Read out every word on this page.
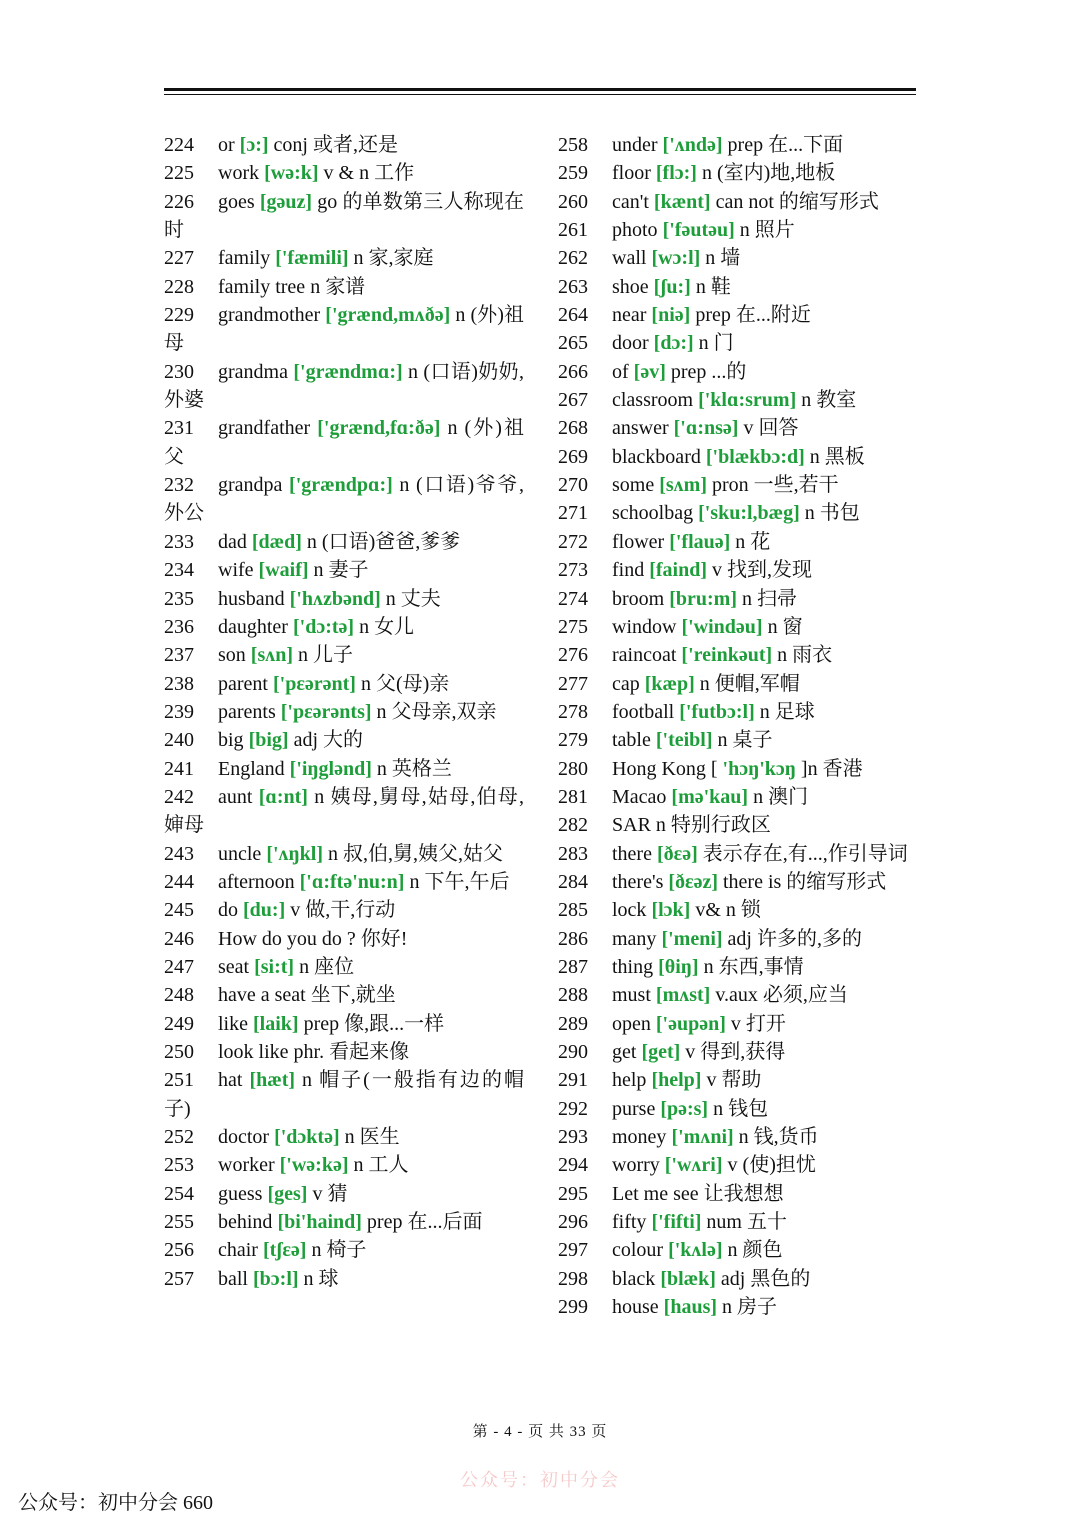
224 or [ɔ:] conj 或者,还是

225 work [wə:k] v & n 工作

226 goes [gəuz] go 的单数第三人称现在时

227 family ['fæmili] n 家,家庭

228 family tree n 家谱

229 grandmother ['grænd,mʌðə] n (外)祖母

230 grandma ['grændmɑ:] n (口语)奶奶,外婆

231 grandfather ['grænd,fɑ:ðə] n (外)祖父

232 grandpa ['grændpɑ:] n (口语)爷爷,外公

233 dad [dæd] n (口语)爸爸,爹爹

234 wife [waif] n 妻子

235 husband ['hʌzbənd] n 丈夫

236 daughter ['dɔ:tə] n 女儿

237 son [sʌn] n 儿子

238 parent ['pεərənt] n 父(母)亲

239 parents ['pεərənts] n 父母亲,双亲

240 big [big] adj 大的

241 England ['iŋglənd] n 英格兰

242 aunt [ɑ:nt] n 姨母,舅母,姑母,伯母,婶母

243 uncle ['ʌŋkl] n 叔,伯,舅,姨父,姑父

244 afternoon ['ɑ:ftə'nu:n] n 下午,午后

245 do [du:] v 做,干,行动

246 How do you do ? 你好!

247 seat [si:t] n 座位

248 have a seat 坐下,就坐

249 like [laik] prep 像,跟...一样

250 look like phr. 看起来像

251 hat [hæt] n 帽子(一般指有边的帽子)

252 doctor ['dɔktə] n 医生

253 worker ['wə:kə] n 工人

254 guess [ges] v 猜

255 behind [bi'haind] prep 在...后面

256 chair [tʃεə] n 椅子

257 ball [bɔ:l] n 球

258 under ['ʌndə] prep 在...下面

259 floor [flɔ:] n (室内)地,地板

260 can't [kænt] can not 的缩写形式

261 photo ['fəutəu] n 照片

262 wall [wɔ:l] n 墙

263 shoe [ʃu:] n 鞋

264 near [niə] prep 在...附近

265 door [dɔ:] n 门

266 of [əv] prep ...的

267 classroom ['klɑ:srum] n 教室

268 answer ['ɑ:nsə] v 回答

269 blackboard ['blækbɔ:d] n 黑板

270 some [sʌm] pron 一些,若干

271 schoolbag ['sku:l,bæg] n 书包

272 flower ['flauə] n 花

273 find [faind] v 找到,发现

274 broom [bru:m] n 扫帚

275 window ['windəu] n 窗

276 raincoat ['reinkəut] n 雨衣

277 cap [kæp] n 便帽,军帽

278 football ['futbɔ:l] n 足球

279 table ['teibl] n 桌子

280 Hong Kong [ 'hɔŋ'kɔŋ ]n 香港

281 Macao [mə'kau] n 澳门

282 SAR n 特别行政区

283 there [ðεə] 表示存在,有...,作引导词

284 there's [ðεəz] there is 的缩写形式

285 lock [lɔk] v& n 锁

286 many ['meni] adj 许多的,多的

287 thing [θiŋ] n 东西,事情

288 must [mʌst] v.aux 必须,应当

289 open ['əupən] v 打开

290 get [get] v 得到,获得

291 help [help] v 帮助

292 purse [pə:s] n 钱包

293 money ['mʌni] n 钱,货币

294 worry ['wʌri] v (使)担忧

295 Let me see 让我想想

296 fifty ['fifti] num 五十

297 colour ['kʌlə] n 颜色

298 black [blæk] adj 黑色的

299 house [haus] n 房子

第 - 4 - 页 共 33 页
公众号：初中分会
公众号：初中分会 660
